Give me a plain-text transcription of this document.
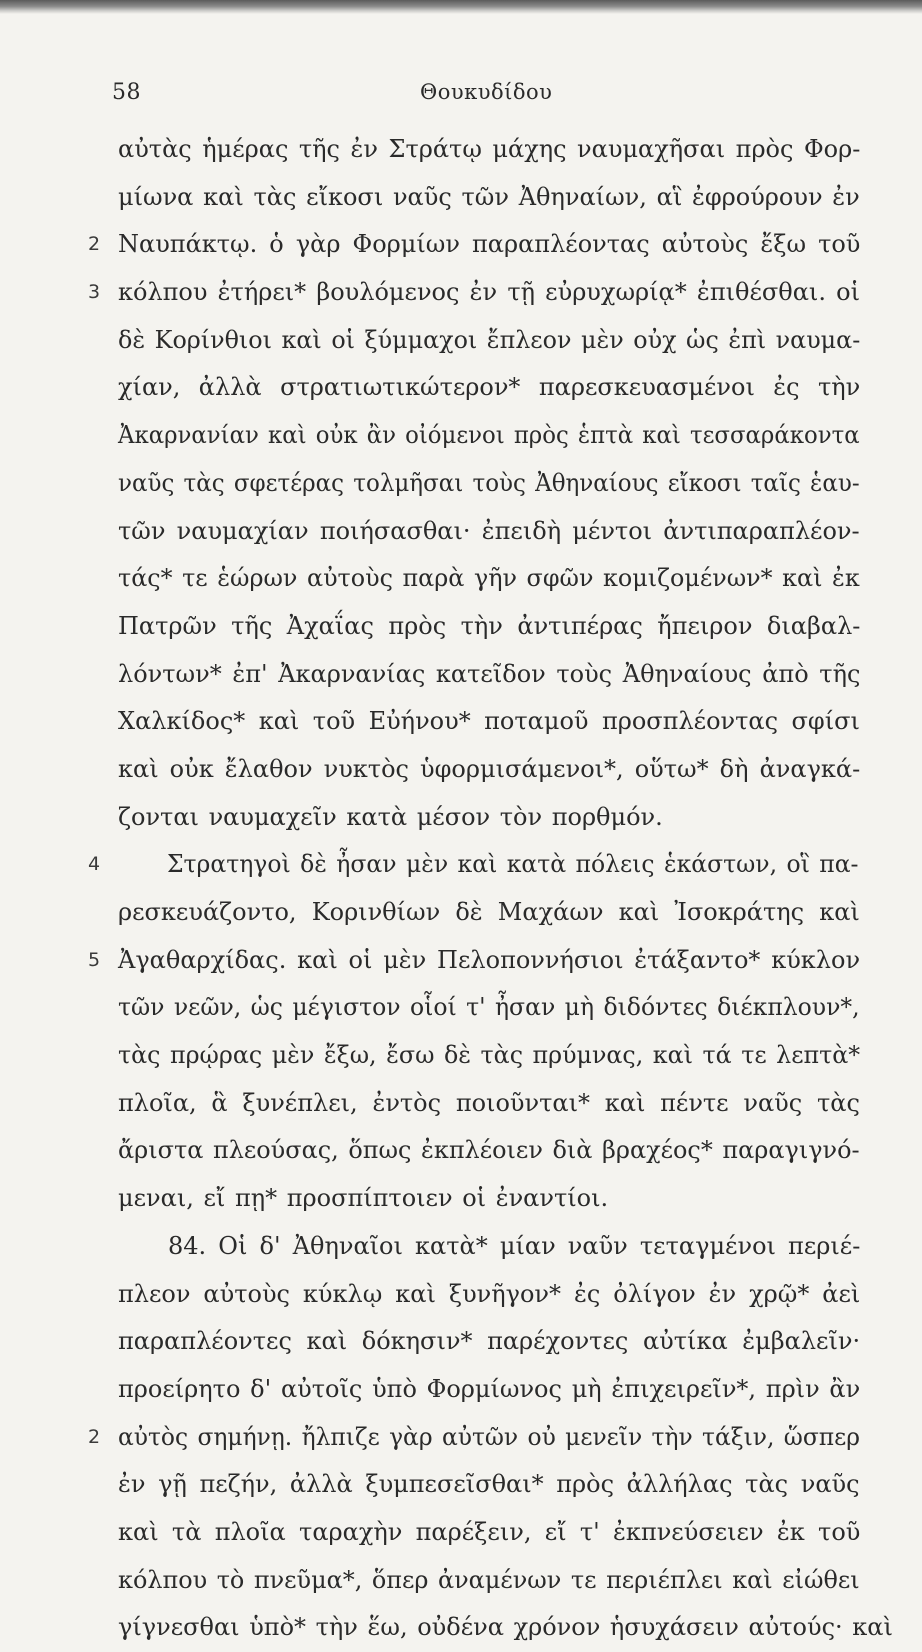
58	Θουκυδίδου
αὐτὰς ἡμέρας τῆς ἐν Στράτῳ μάχης ναυμαχῆσαι πρὸς Φορ-
μίωνα καὶ τὰς εἴκοσι ναῦς τῶν Ἀθηναίων, αἳ ἐφρούρουν ἐν
2 Ναυπάκτῳ. ὁ γὰρ Φορμίων παραπλέοντας αὐτοὺς ἔξω τοῦ
3 κόλπου ἐτήρει* βουλόμενος ἐν τῇ εὐρυχωρίᾳ* ἐπιθέσθαι. οἱ
δὲ Κορίνθιοι καὶ οἱ ξύμμαχοι ἔπλεον μὲν οὐχ ὡς ἐπὶ ναυμα-
χίαν, ἀλλὰ στρατιωτικώτερον* παρεσκευασμένοι ἐς τὴν
Ἀκαρνανίαν καὶ οὐκ ἂν οἰόμενοι πρὸς ἑπτὰ καὶ τεσσαράκοντα
ναῦς τὰς σφετέρας τολμῆσαι τοὺς Ἀθηναίους εἴκοσι ταῖς ἑαυ-
τῶν ναυμαχίαν ποιήσασθαι· ἐπειδὴ μέντοι ἀντιπαραπλέον-
τάς* τε ἑώρων αὐτοὺς παρὰ γῆν σφῶν κομιζομένων* καὶ ἐκ
Πατρῶν τῆς Ἀχαΐας πρὸς τὴν ἀντιπέρας ἤπειρον διαβαλ-
λόντων* ἐπ' Ἀκαρνανίας κατεῖδον τοὺς Ἀθηναίους ἀπὸ τῆς
Χαλκίδος* καὶ τοῦ Εὐήνου* ποταμοῦ προσπλέοντας σφίσι
καὶ οὐκ ἔλαθον νυκτὸς ὑφορμισάμενοι*, οὕτω* δὴ ἀναγκά-
ζονται ναυμαχεῖν κατὰ μέσον τὸν πορθμόν.
4	Στρατηγοὶ δὲ ἦσαν μὲν καὶ κατὰ πόλεις ἑκάστων, οἳ πα-
ρεσκευάζοντο, Κορινθίων δὲ Μαχάων καὶ Ἰσοκράτης καὶ
5 Ἀγαθαρχίδας. καὶ οἱ μὲν Πελοποννήσιοι ἐτάξαντο* κύκλον
τῶν νεῶν, ὡς μέγιστον οἷοί τ' ἦσαν μὴ διδόντες διέκπλουν*,
τὰς πρῴρας μὲν ἔξω, ἔσω δὲ τὰς πρύμνας, καὶ τά τε λεπτὰ*
πλοῖα, ἃ ξυνέπλει, ἐντὸς ποιοῦνται* καὶ πέντε ναῦς τὰς
ἄριστα πλεούσας, ὅπως ἐκπλέοιεν διὰ βραχέος* παραγιγνό-
μεναι, εἴ πῃ* προσπίπτοιεν οἱ ἐναντίοι.
84. Οἱ δ' Ἀθηναῖοι κατὰ* μίαν ναῦν τεταγμένοι περιέ-
πλεον αὐτοὺς κύκλῳ καὶ ξυνῆγον* ἐς ὀλίγον ἐν χρῷ* ἀεὶ
παραπλέοντες καὶ δόκησιν* παρέχοντες αὐτίκα ἐμβαλεῖν·
προείρητο δ' αὐτοῖς ὑπὸ Φορμίωνος μὴ ἐπιχειρεῖν*, πρὶν ἂν
2 αὐτὸς σημήνῃ. ἤλπιζε γὰρ αὐτῶν οὐ μενεῖν τὴν τάξιν, ὥσπερ
ἐν γῇ πεζήν, ἀλλὰ ξυμπεσεῖσθαι* πρὸς ἀλλήλας τὰς ναῦς
καὶ τὰ πλοῖα ταραχὴν παρέξειν, εἴ τ' ἐκπνεύσειεν ἐκ τοῦ
κόλπου τὸ πνεῦμα*, ὅπερ ἀναμένων τε περιέπλει καὶ εἰώθει
γίγνεσθαι ὑπὸ* τὴν ἕω, οὐδένα χρόνον ἡσυχάσειν αὐτούς· καὶ
